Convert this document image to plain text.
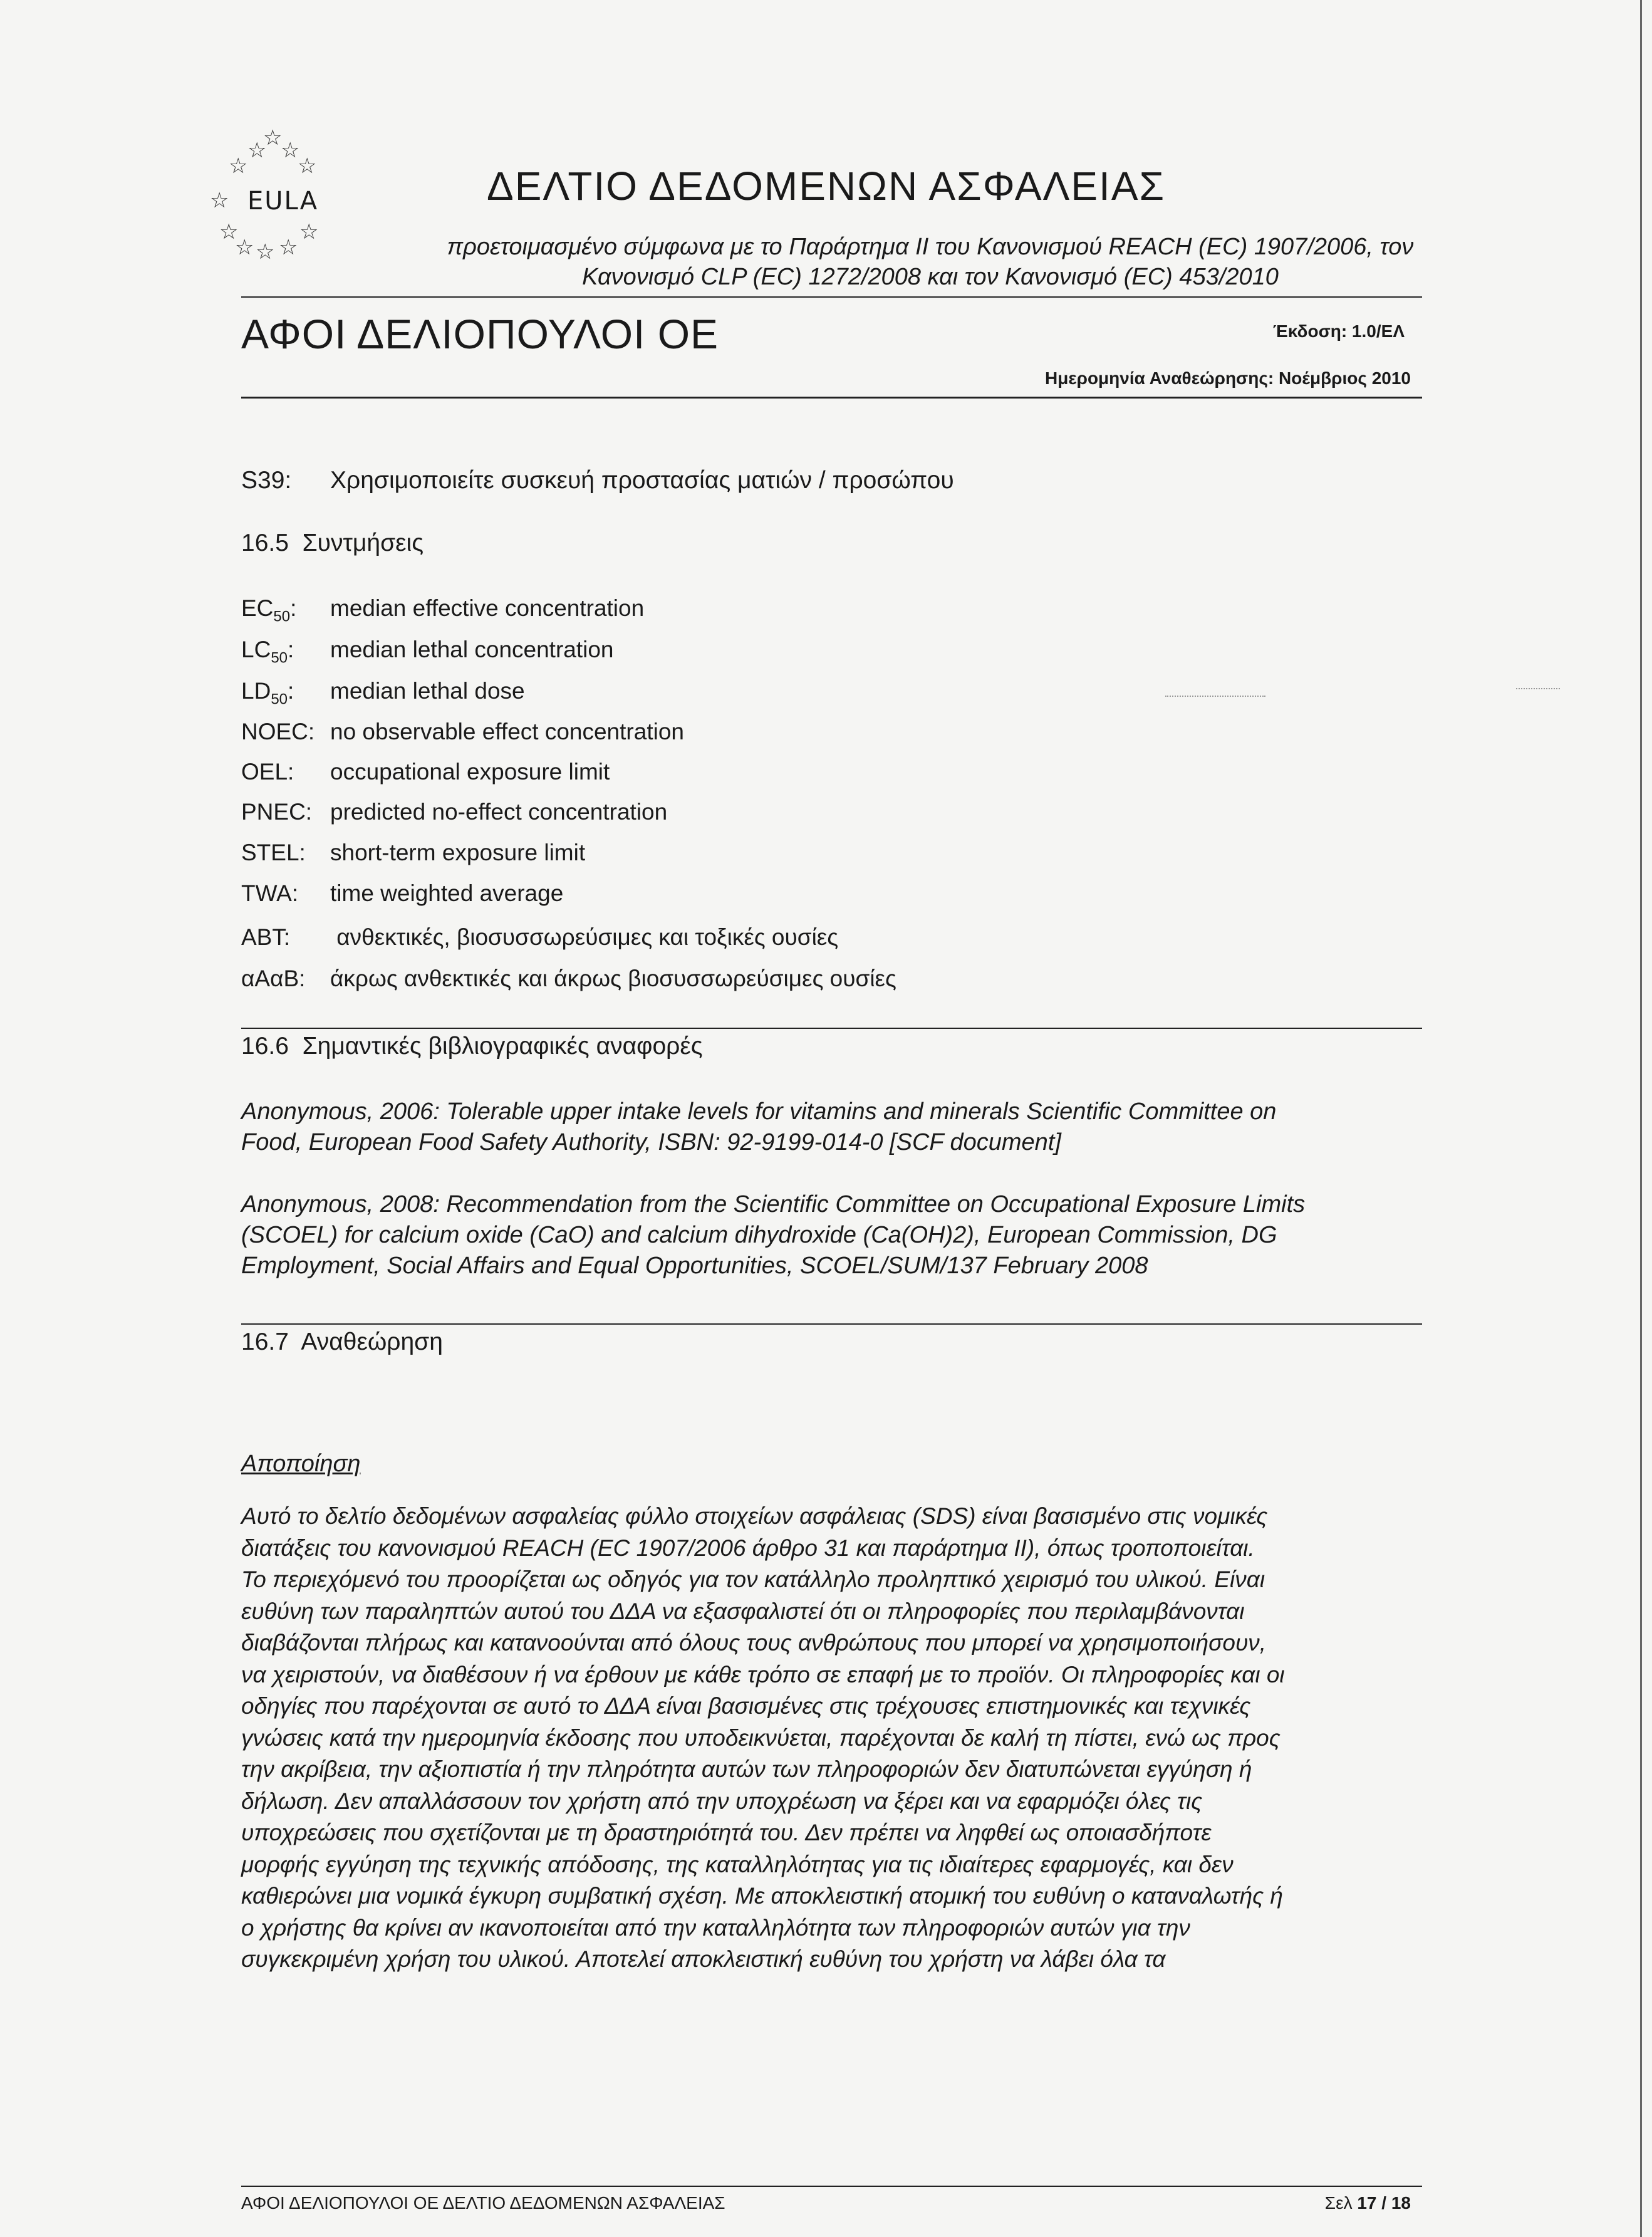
☆
☆ ☆
☆ ☆
☆ EULA
☆	☆
☆ ☆ ☆
ΔΕΛΤΙΟ ΔΕΔΟΜΕΝΩΝ ΑΣΦΑΛΕΙΑΣ
προετοιμασμένο σύμφωνα με το Παράρτημα II του Κανονισμού REACH (EC) 1907/2006, τον
Κανονισμό CLP (EC) 1272/2008 και τον Κανονισμό (EC) 453/2010
ΑΦΟΙ ΔΕΛΙΟΠΟΥΛΟΙ ΟΕ	Έκδοση: 1.0/ΕΛ
Ημερομηνία Αναθεώρησης: Νοέμβριος 2010
S39: Χρησιμοποιείτε συσκευή προστασίας ματιών / προσώπου
16.5  Συντμήσεις
$EC_{50}$: median effective concentration
$LC_{50}$: median lethal concentration
$LD_{50}$: median lethal dose
NOEC: no observable effect concentration
OEL: occupational exposure limit
PNEC: predicted no-effect concentration
STEL: short-term exposure limit
TWA: time weighted average
ABT: ανθεκτικές, βιοσυσσωρεύσιμες και τοξικές ουσίες
αΑαΒ: άκρως ανθεκτικές και άκρως βιοσυσσωρεύσιμες ουσίες
16.6  Σημαντικές βιβλιογραφικές αναφορές
Anonymous, 2006: Tolerable upper intake levels for vitamins and minerals Scientific Committee on
Food, European Food Safety Authority, ISBN: 92-9199-014-0 [SCF document]
Anonymous, 2008: Recommendation from the Scientific Committee on Occupational Exposure Limits
(SCOEL) for calcium oxide (CaO) and calcium dihydroxide (Ca(OH)2), European Commission, DG
Employment, Social Affairs and Equal Opportunities, SCOEL/SUM/137 February 2008
16.7  Αναθεώρηση
Αποποίηση
Αυτό το δελτίο δεδομένων ασφαλείας φύλλο στοιχείων ασφάλειας (SDS) είναι βασισμένο στις νομικές
διατάξεις του κανονισμού REACH (EC 1907/2006 άρθρο 31 και παράρτημα II), όπως τροποποιείται.
Το περιεχόμενό του προορίζεται ως οδηγός για τον κατάλληλο προληπτικό χειρισμό του υλικού. Είναι
ευθύνη των παραληπτών αυτού του ΔΔΑ να εξασφαλιστεί ότι οι πληροφορίες που περιλαμβάνονται
διαβάζονται πλήρως και κατανοούνται από όλους τους ανθρώπους που μπορεί να χρησιμοποιήσουν,
να χειριστούν, να διαθέσουν ή να έρθουν με κάθε τρόπο σε επαφή με το προϊόν. Οι πληροφορίες και οι
οδηγίες που παρέχονται σε αυτό το ΔΔΑ είναι βασισμένες στις τρέχουσες επιστημονικές και τεχνικές
γνώσεις κατά την ημερομηνία έκδοσης που υποδεικνύεται, παρέχονται δε καλή τη πίστει, ενώ ως προς
την ακρίβεια, την αξιοπιστία ή την πληρότητα αυτών των πληροφοριών δεν διατυπώνεται εγγύηση ή
δήλωση. Δεν απαλλάσσουν τον χρήστη από την υποχρέωση να ξέρει και να εφαρμόζει όλες τις
υποχρεώσεις που σχετίζονται με τη δραστηριότητά του. Δεν πρέπει να ληφθεί ως οποιασδήποτε
μορφής εγγύηση της τεχνικής απόδοσης, της καταλληλότητας για τις ιδιαίτερες εφαρμογές, και δεν
καθιερώνει μια νομικά έγκυρη συμβατική σχέση. Με αποκλειστική ατομική του ευθύνη ο καταναλωτής ή
ο χρήστης θα κρίνει αν ικανοποιείται από την καταλληλότητα των πληροφοριών αυτών για την
συγκεκριμένη χρήση του υλικού. Αποτελεί αποκλειστική ευθύνη του χρήστη να λάβει όλα τα
ΑΦΟΙ ΔΕΛΙΟΠΟΥΛΟΙ ΟΕ ΔΕΛΤΙΟ ΔΕΔΟΜΕΝΩΝ ΑΣΦΑΛΕΙΑΣ	Σελ 17 / 18
